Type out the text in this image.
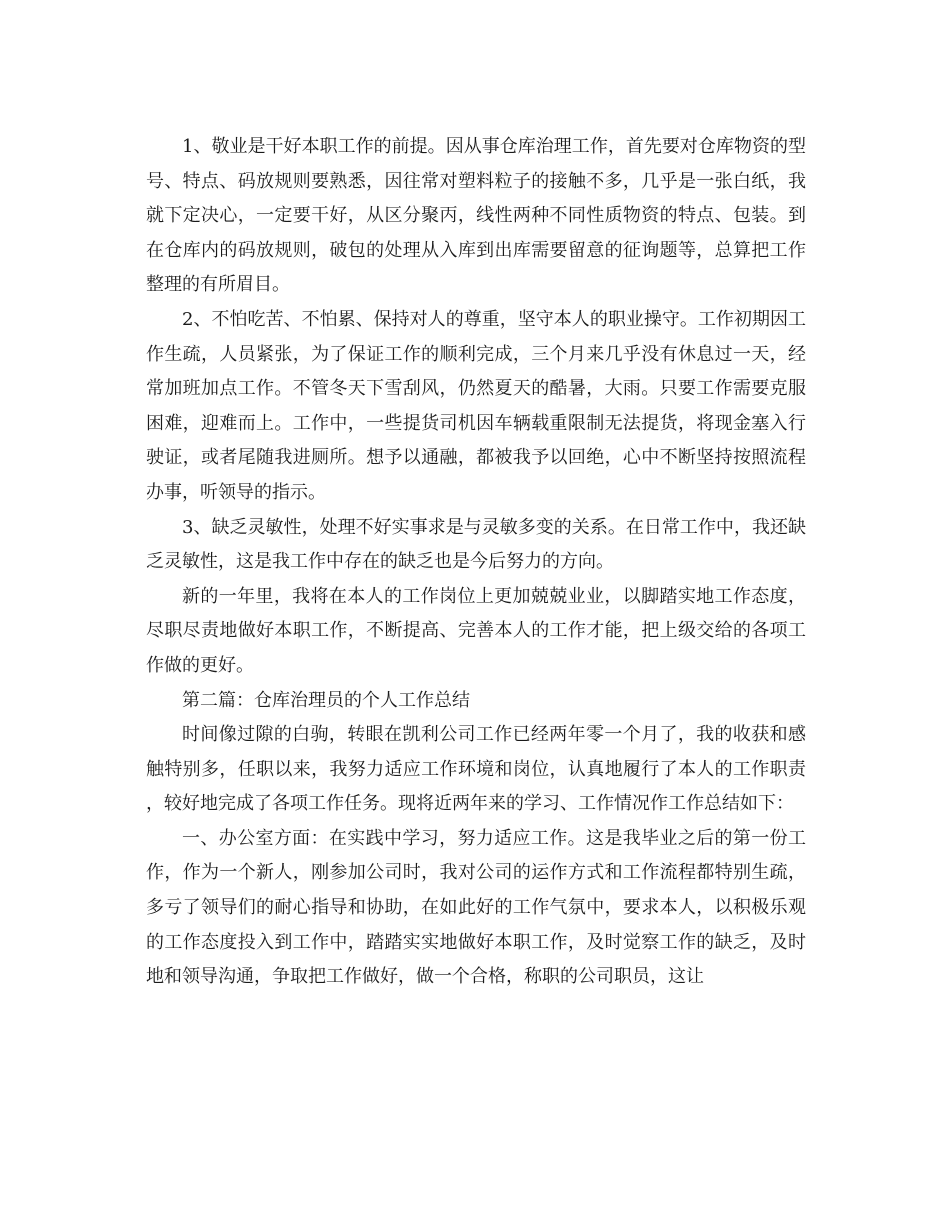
1、敬业是干好本职工作的前提。因从事仓库治理工作，首先要对仓库物资的型号、特点、码放规则要熟悉，因往常对塑料粒子的接触不多，几乎是一张白纸，我就下定决心，一定要干好，从区分聚丙，线性两种不同性质物资的特点、包装。到在仓库内的码放规则，破包的处理从入库到出库需要留意的征询题等，总算把工作整理的有所眉目。

2、不怕吃苦、不怕累、保持对人的尊重，坚守本人的职业操守。工作初期因工作生疏，人员紧张，为了保证工作的顺利完成，三个月来几乎没有休息过一天，经常加班加点工作。不管冬天下雪刮风，仍然夏天的酷暑，大雨。只要工作需要克服困难，迎难而上。工作中，一些提货司机因车辆载重限制无法提货，将现金塞入行驶证，或者尾随我进厕所。想予以通融，都被我予以回绝，心中不断坚持按照流程办事，听领导的指示。

3、缺乏灵敏性，处理不好实事求是与灵敏多变的关系。在日常工作中，我还缺乏灵敏性，这是我工作中存在的缺乏也是今后努力的方向。

新的一年里，我将在本人的工作岗位上更加兢兢业业，以脚踏实地工作态度，尽职尽责地做好本职工作，不断提高、完善本人的工作才能，把上级交给的各项工作做的更好。

第二篇：仓库治理员的个人工作总结

时间像过隙的白驹，转眼在凯利公司工作已经两年零一个月了，我的收获和感触特别多，任职以来，我努力适应工作环境和岗位，认真地履行了本人的工作职责，较好地完成了各项工作任务。现将近两年来的学习、工作情况作工作总结如下：

一、办公室方面：在实践中学习，努力适应工作。这是我毕业之后的第一份工作，作为一个新人，刚参加公司时，我对公司的运作方式和工作流程都特别生疏，多亏了领导们的耐心指导和协助，在如此好的工作气氛中，要求本人，以积极乐观的工作态度投入到工作中，踏踏实实地做好本职工作，及时觉察工作的缺乏，及时地和领导沟通，争取把工作做好，做一个合格，称职的公司职员，这让
